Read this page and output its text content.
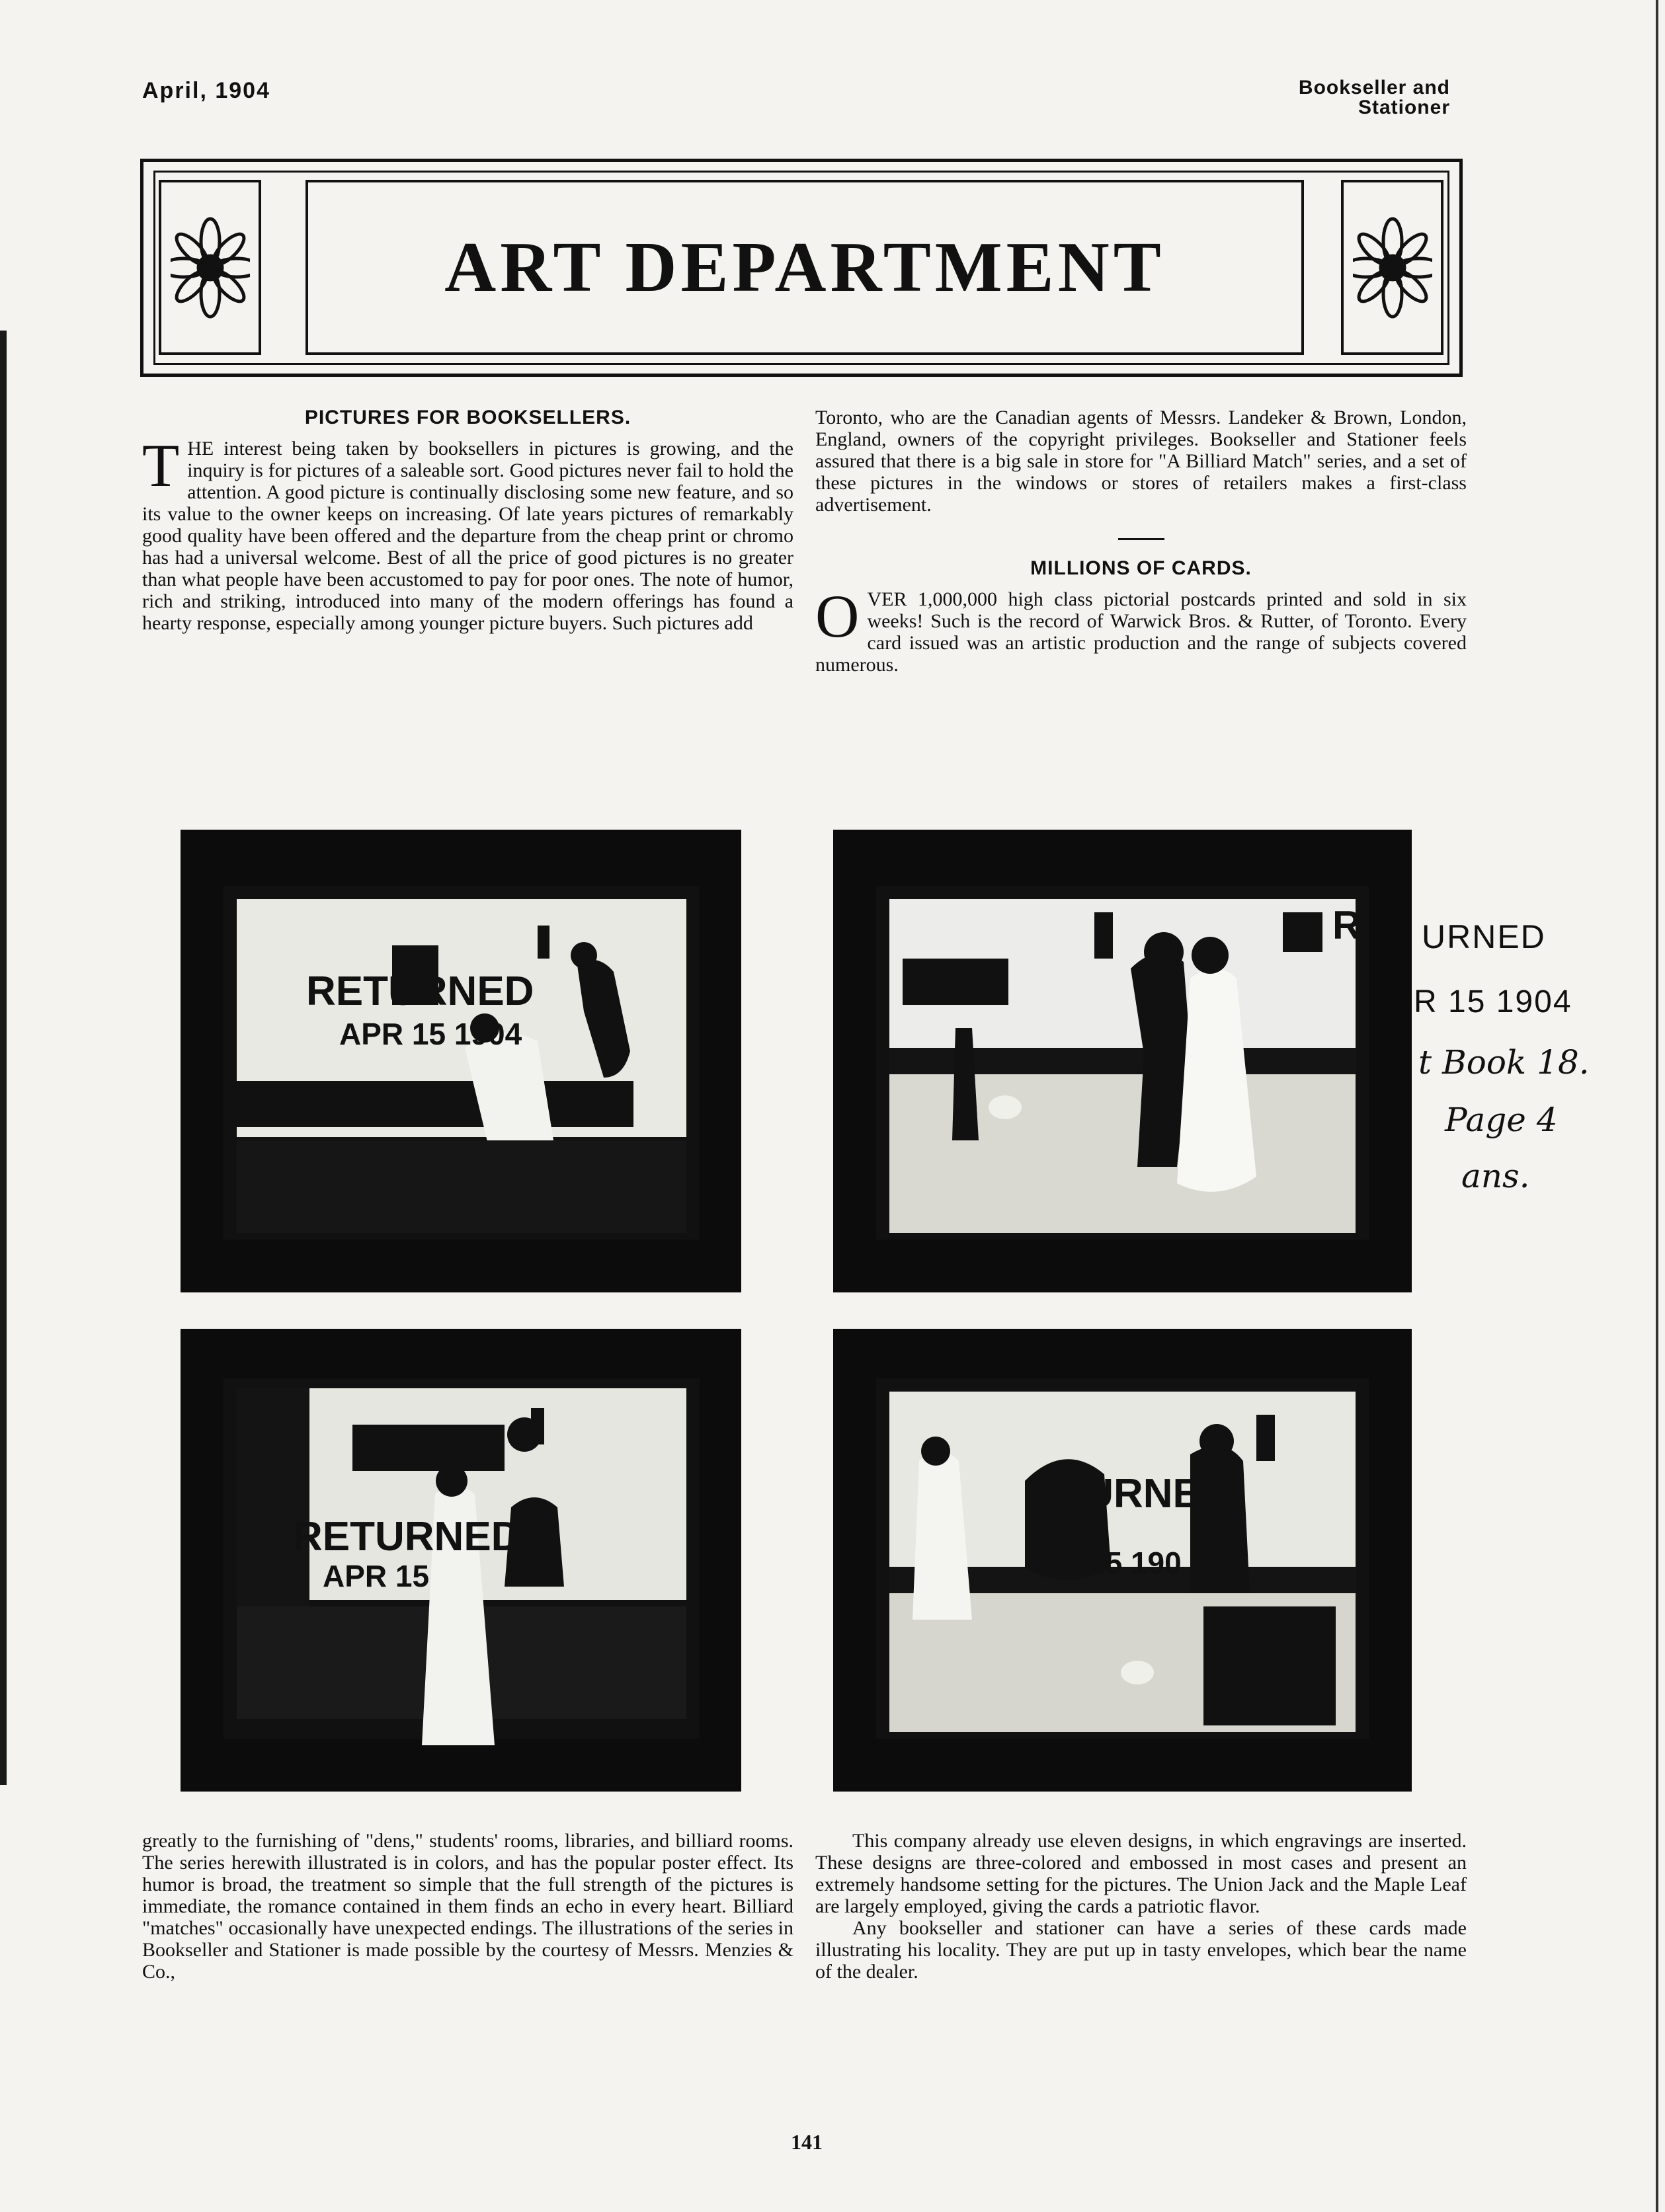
April, 1904	Bookseller and
Stationer
ART DEPARTMENT
PICTURES FOR BOOKSELLERS.

THE interest being taken by booksellers in pictures is growing, and the inquiry is for pictures of a saleable sort. Good pictures never fail to hold the attention. A good picture is continually disclosing some new feature, and so its value to the owner keeps on increasing. Of late years pictures of remarkably good quality have been offered and the departure from the cheap print or chromo has had a universal welcome. Best of all the price of good pictures is no greater than what people have been accustomed to pay for poor ones. The note of humor, rich and striking, introduced into many of the modern offerings has found a hearty response, especially among younger picture buyers. Such pictures add

Toronto, who are the Canadian agents of Messrs. Landeker & Brown, London, England, owners of the copyright privileges. Bookseller and Stationer feels assured that there is a big sale in store for "A Billiard Match" series, and a set of these pictures in the windows or stores of retailers makes a first-class advertisement.

MILLIONS OF CARDS.

OVER 1,000,000 high class pictorial postcards printed and sold in six weeks! Such is the record of Warwick Bros. & Rutter, of Toronto. Every card issued was an artistic production and the range of subjects covered numerous.

RETURNED
APR 15 1904
R URNED
R 15 1904
t Book 18.
Page 4
ans.
RETURNED
APR 15
ETURNE
R 15 190

greatly to the furnishing of "dens," students' rooms, libraries, and billiard rooms. The series herewith illustrated is in colors, and has the popular poster effect. Its humor is broad, the treatment so simple that the full strength of the pictures is immediate, the romance contained in them finds an echo in every heart. Billiard "matches" occasionally have unexpected endings. The illustrations of the series in Bookseller and Stationer is made possible by the courtesy of Messrs. Menzies & Co.,

This company already use eleven designs, in which engravings are inserted. These designs are three-colored and embossed in most cases and present an extremely handsome setting for the pictures. The Union Jack and the Maple Leaf are largely employed, giving the cards a patriotic flavor.

Any bookseller and stationer can have a series of these cards made illustrating his locality. They are put up in tasty envelopes, which bear the name of the dealer.

141
